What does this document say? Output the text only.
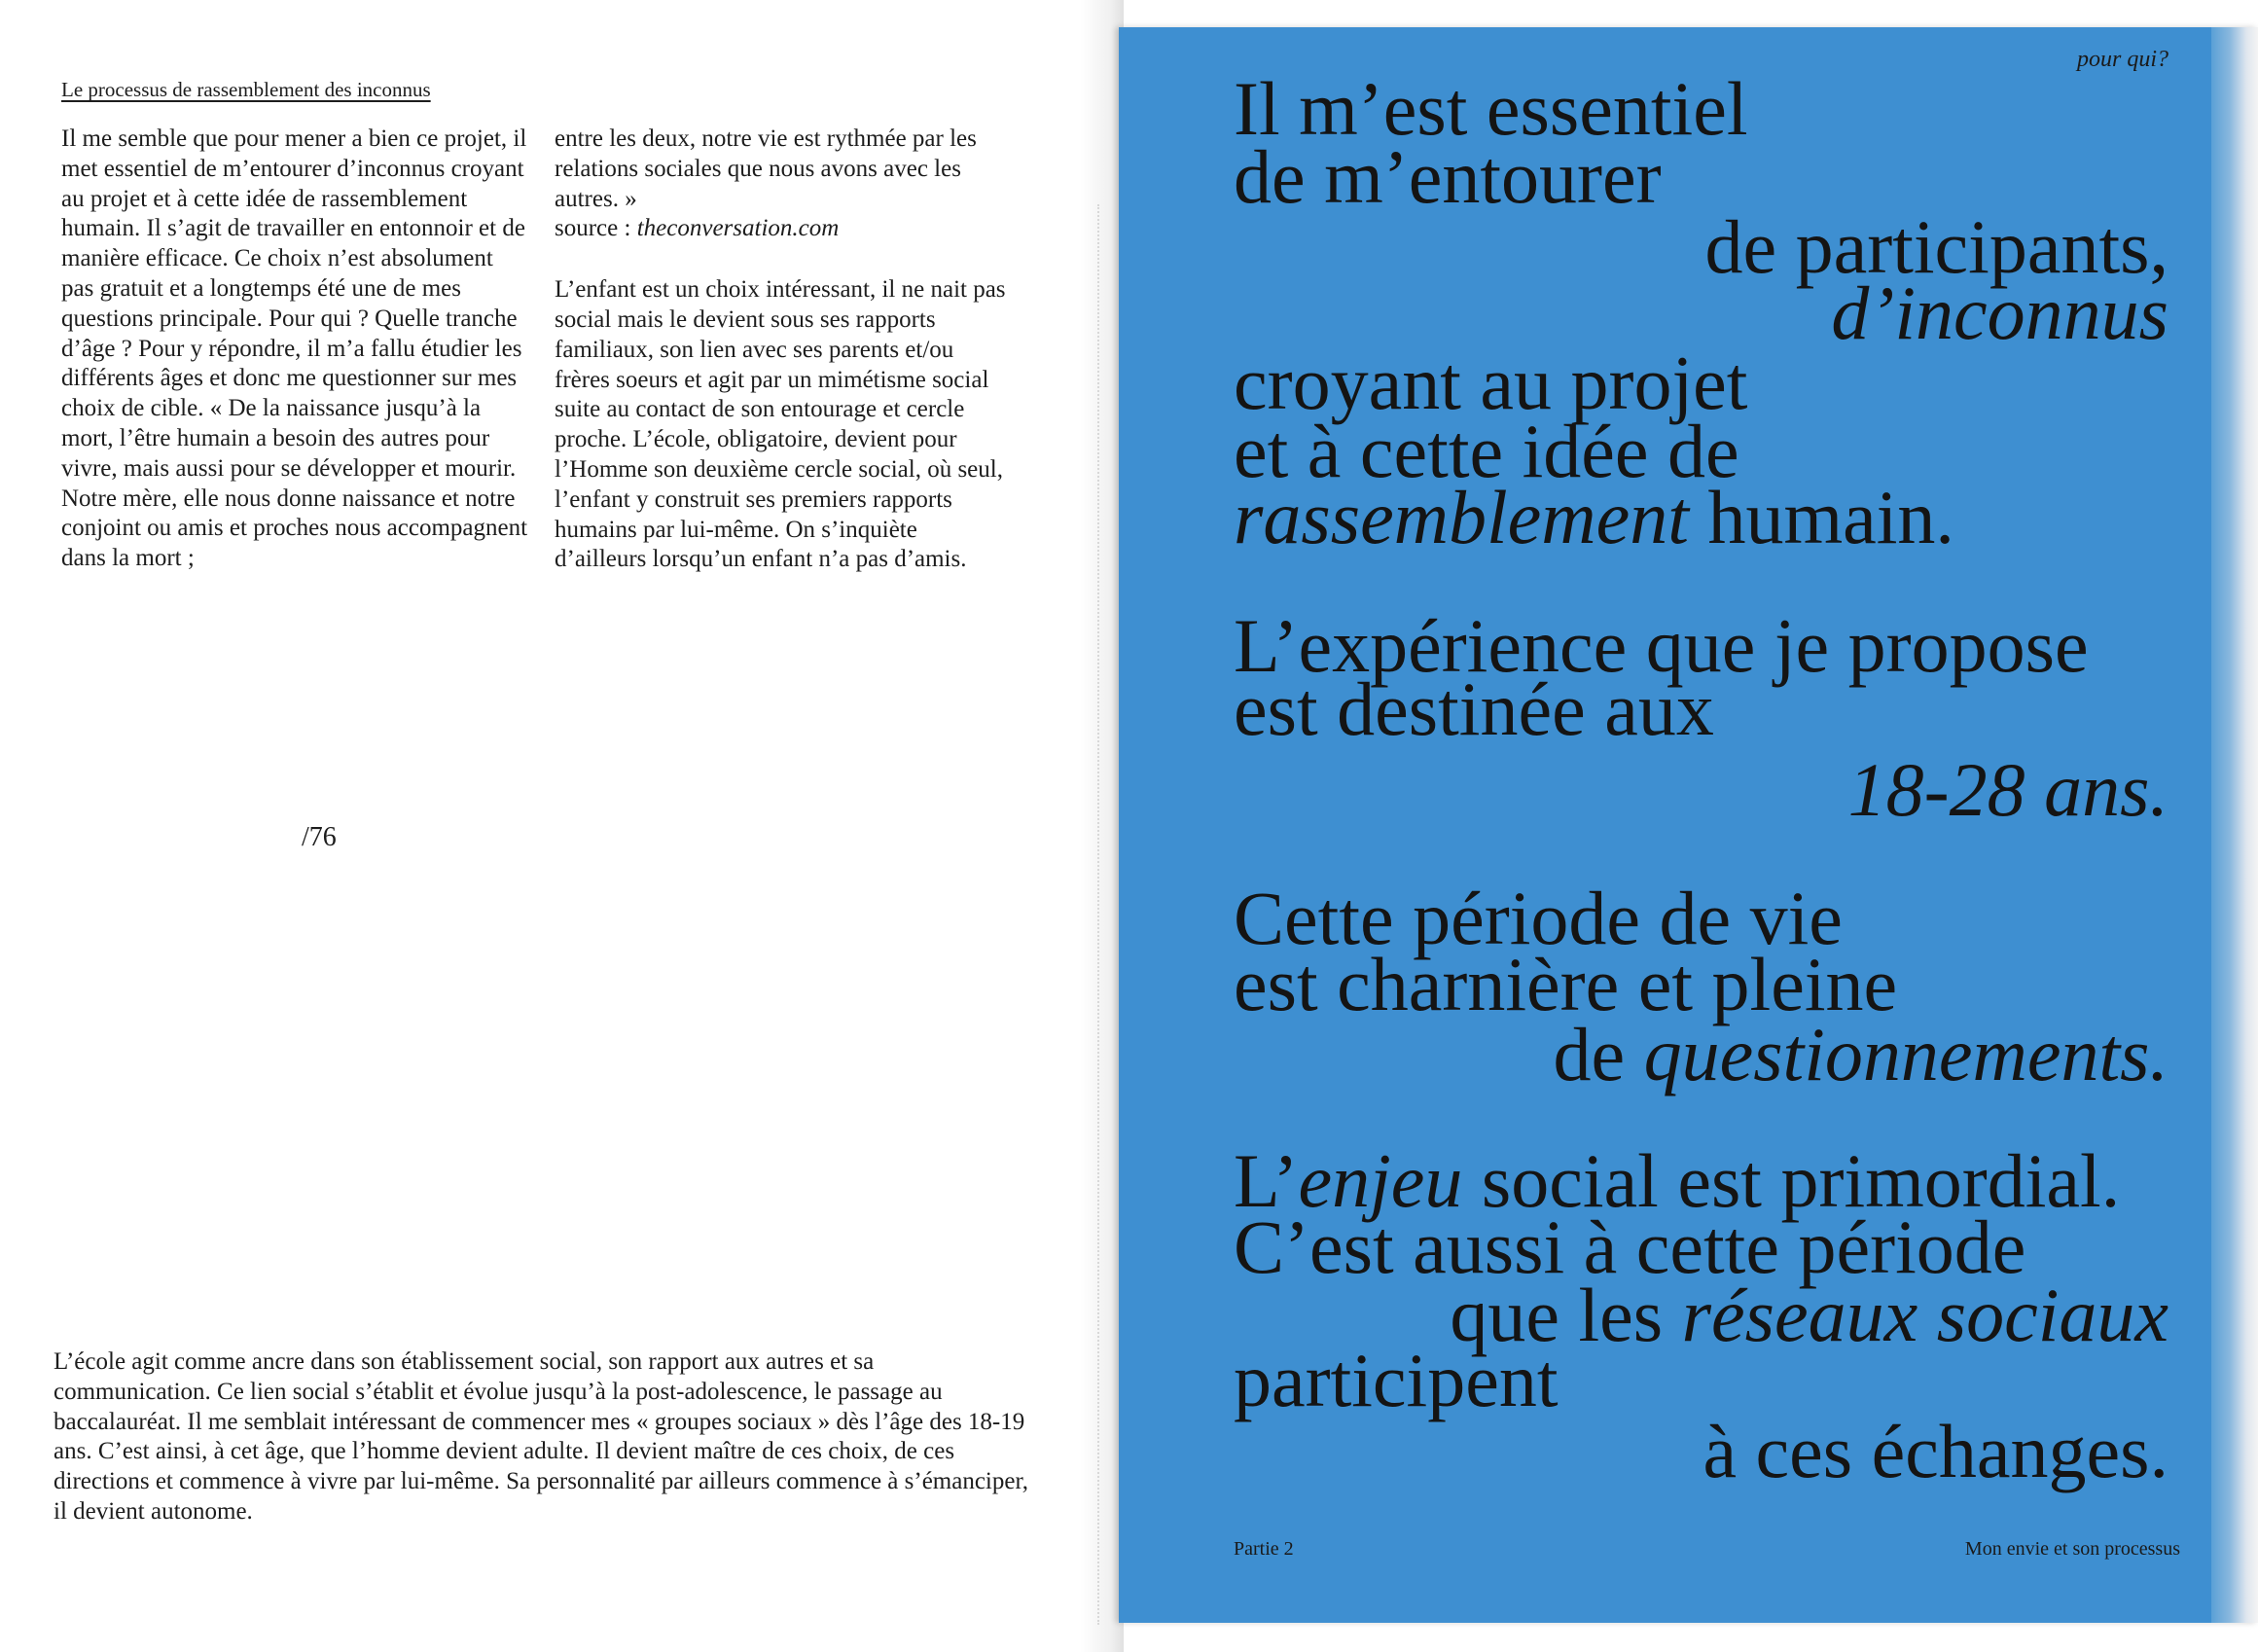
Le processus de rassemblement des inconnus

Il me semble que pour mener a bien ce projet, il met essentiel de m’entourer d’inconnus croyant au projet et à cette idée de rassemblement humain. Il s’agit de travailler en entonnoir et de manière efficace. Ce choix n’est absolument pas gratuit et a longtemps été une de mes questions principale. Pour qui ? Quelle tranche d’âge ? Pour y répondre, il m’a fallu étudier les différents âges et donc me questionner sur mes choix de cible. « De la naissance jusqu’à la mort, l’être humain a besoin des autres pour vivre, mais aussi pour se développer et mourir. Notre mère, elle nous donne naissance et notre conjoint ou amis et proches nous accompagnent dans la mort ;

entre les deux, notre vie est rythmée par les relations sociales que nous avons avec les autres. »

source : theconversation.com

L’enfant est un choix intéressant, il ne nait pas social mais le devient sous ses rapports familiaux, son lien avec ses parents et/ou frères soeurs et agit par un mimétisme social suite au contact de son entourage et cercle proche. L’école, obligatoire, devient pour l’Homme son deuxième cercle social, où seul, l’enfant y construit ses premiers rapports humains par lui-même. On s’inquiète d’ailleurs lorsqu’un enfant n’a pas d’amis.

/76

L’école agit comme ancre dans son établissement social, son rapport aux autres et sa communication. Ce lien social s’établit et évolue jusqu’à la post-adolescence, le passage au baccalauréat. Il me semblait intéressant de commencer mes « groupes sociaux » dès l’âge des 18-19 ans. C’est ainsi, à cet âge, que l’homme devient adulte. Il devient maître de ces choix, de ces directions et commence à vivre par lui-même. Sa personnalité par ailleurs commence à s’émanciper, il devient autonome.

pour qui?
Il m’est essentiel
de m’entourer
de participants,
d’inconnus
croyant au projet
et à cette idée de
rassemblement humain.
L’expérience que je propose
est destinée aux
18-28 ans.
Cette période de vie
est charnière et pleine
de questionnements.
L’enjeu social est primordial.
C’est aussi à cette période
que les réseaux sociaux
participent
à ces échanges.
Partie 2	Mon envie et son processus
